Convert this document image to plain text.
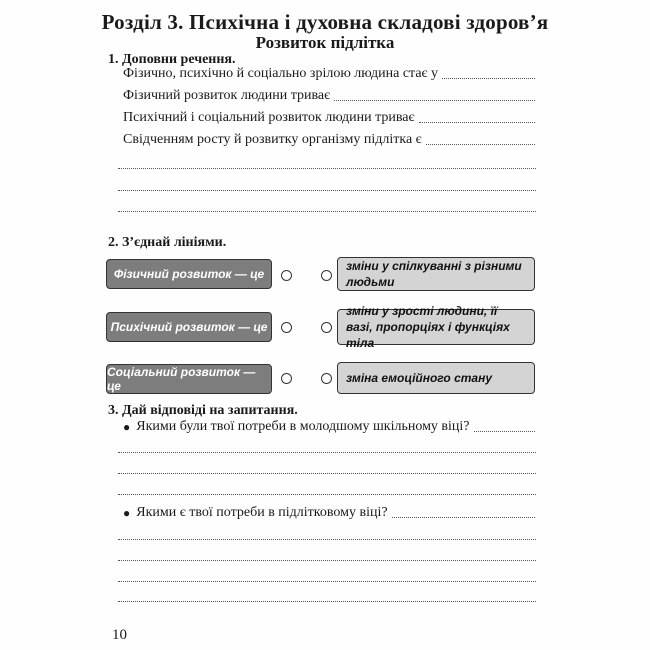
Розділ 3. Психічна і духовна складові здоров’я
Розвиток підлітка
1. Доповни речення.
Фізично, психічно й соціально зрілою людина стає у
Фізичний розвиток людини триває
Психічний і соціальний розвиток людини триває
Свідченням росту й розвитку організму підлітка є
2. З’єднай лініями.
Фізичний розвиток — це
зміни у спілкуванні з різними людьми
Психічний розвиток — це
зміни у зрості людини, її вазі, пропорціях і функціях тіла
Соціальний розвиток — це
зміна емоційного стану
3. Дай відповіді на запитання.
● Якими були твої потреби в молодшому шкільному віці?
● Якими є твої потреби в підлітковому віці?
10
